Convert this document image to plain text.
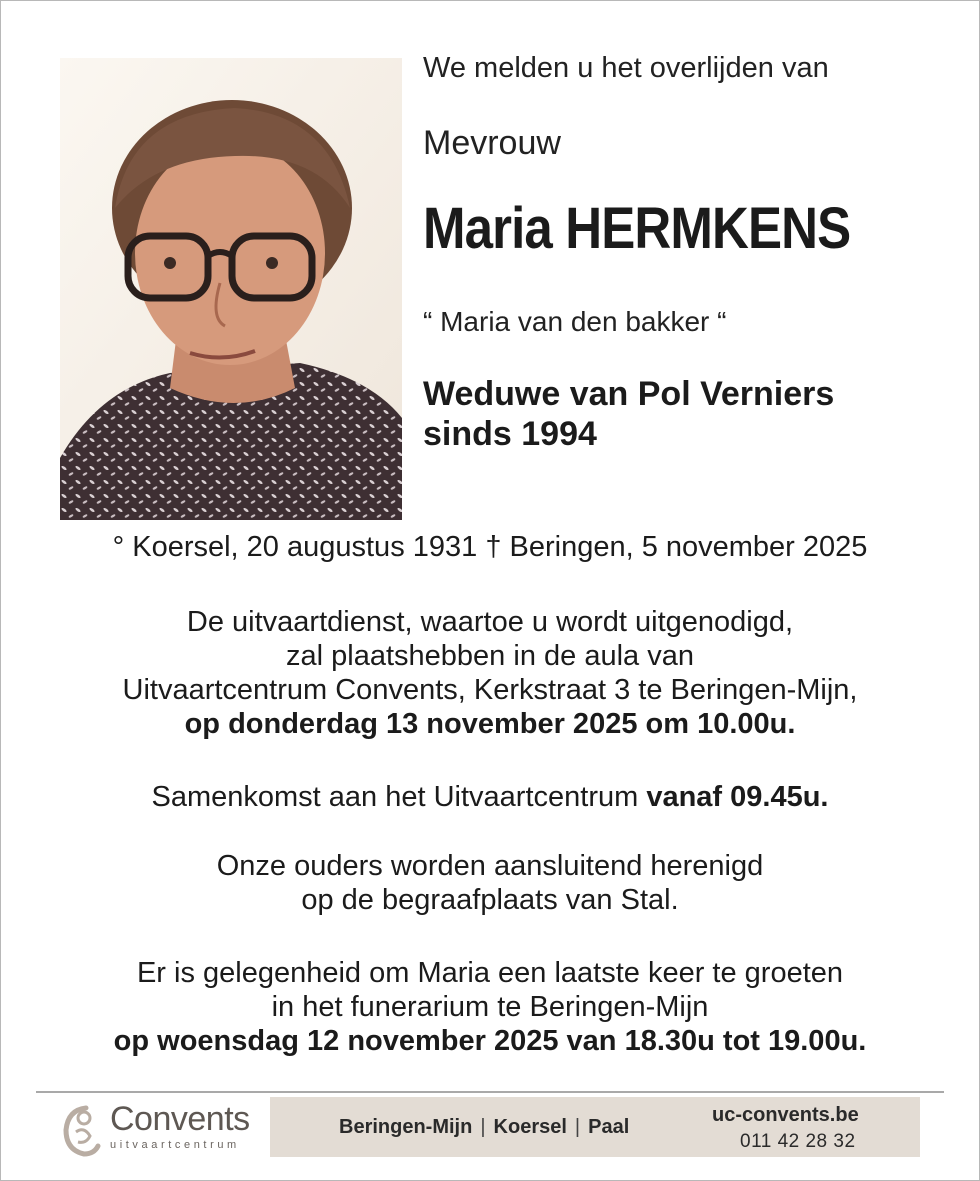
We melden u het overlijden van
Mevrouw
Maria HERMKENS
“ Maria van den bakker “
Weduwe van Pol Verniers
sinds 1994
° Koersel, 20 augustus 1931 † Beringen, 5 november 2025
De uitvaartdienst, waartoe u wordt uitgenodigd,
zal plaatshebben in de aula van
Uitvaartcentrum Convents, Kerkstraat 3 te Beringen-Mijn,
op donderdag 13 november 2025 om 10.00u.
Samenkomst aan het Uitvaartcentrum vanaf 09.45u.
Onze ouders worden aansluitend herenigd
op de begraafplaats van Stal.
Er is gelegenheid om Maria een laatste keer te groeten
in het funerarium te Beringen-Mijn
op woensdag 12 november 2025 van 18.30u tot 19.00u.
Convents
uitvaartcentrum
Beringen-Mijn | Koersel | Paal
uc-convents.be
011 42 28 32
